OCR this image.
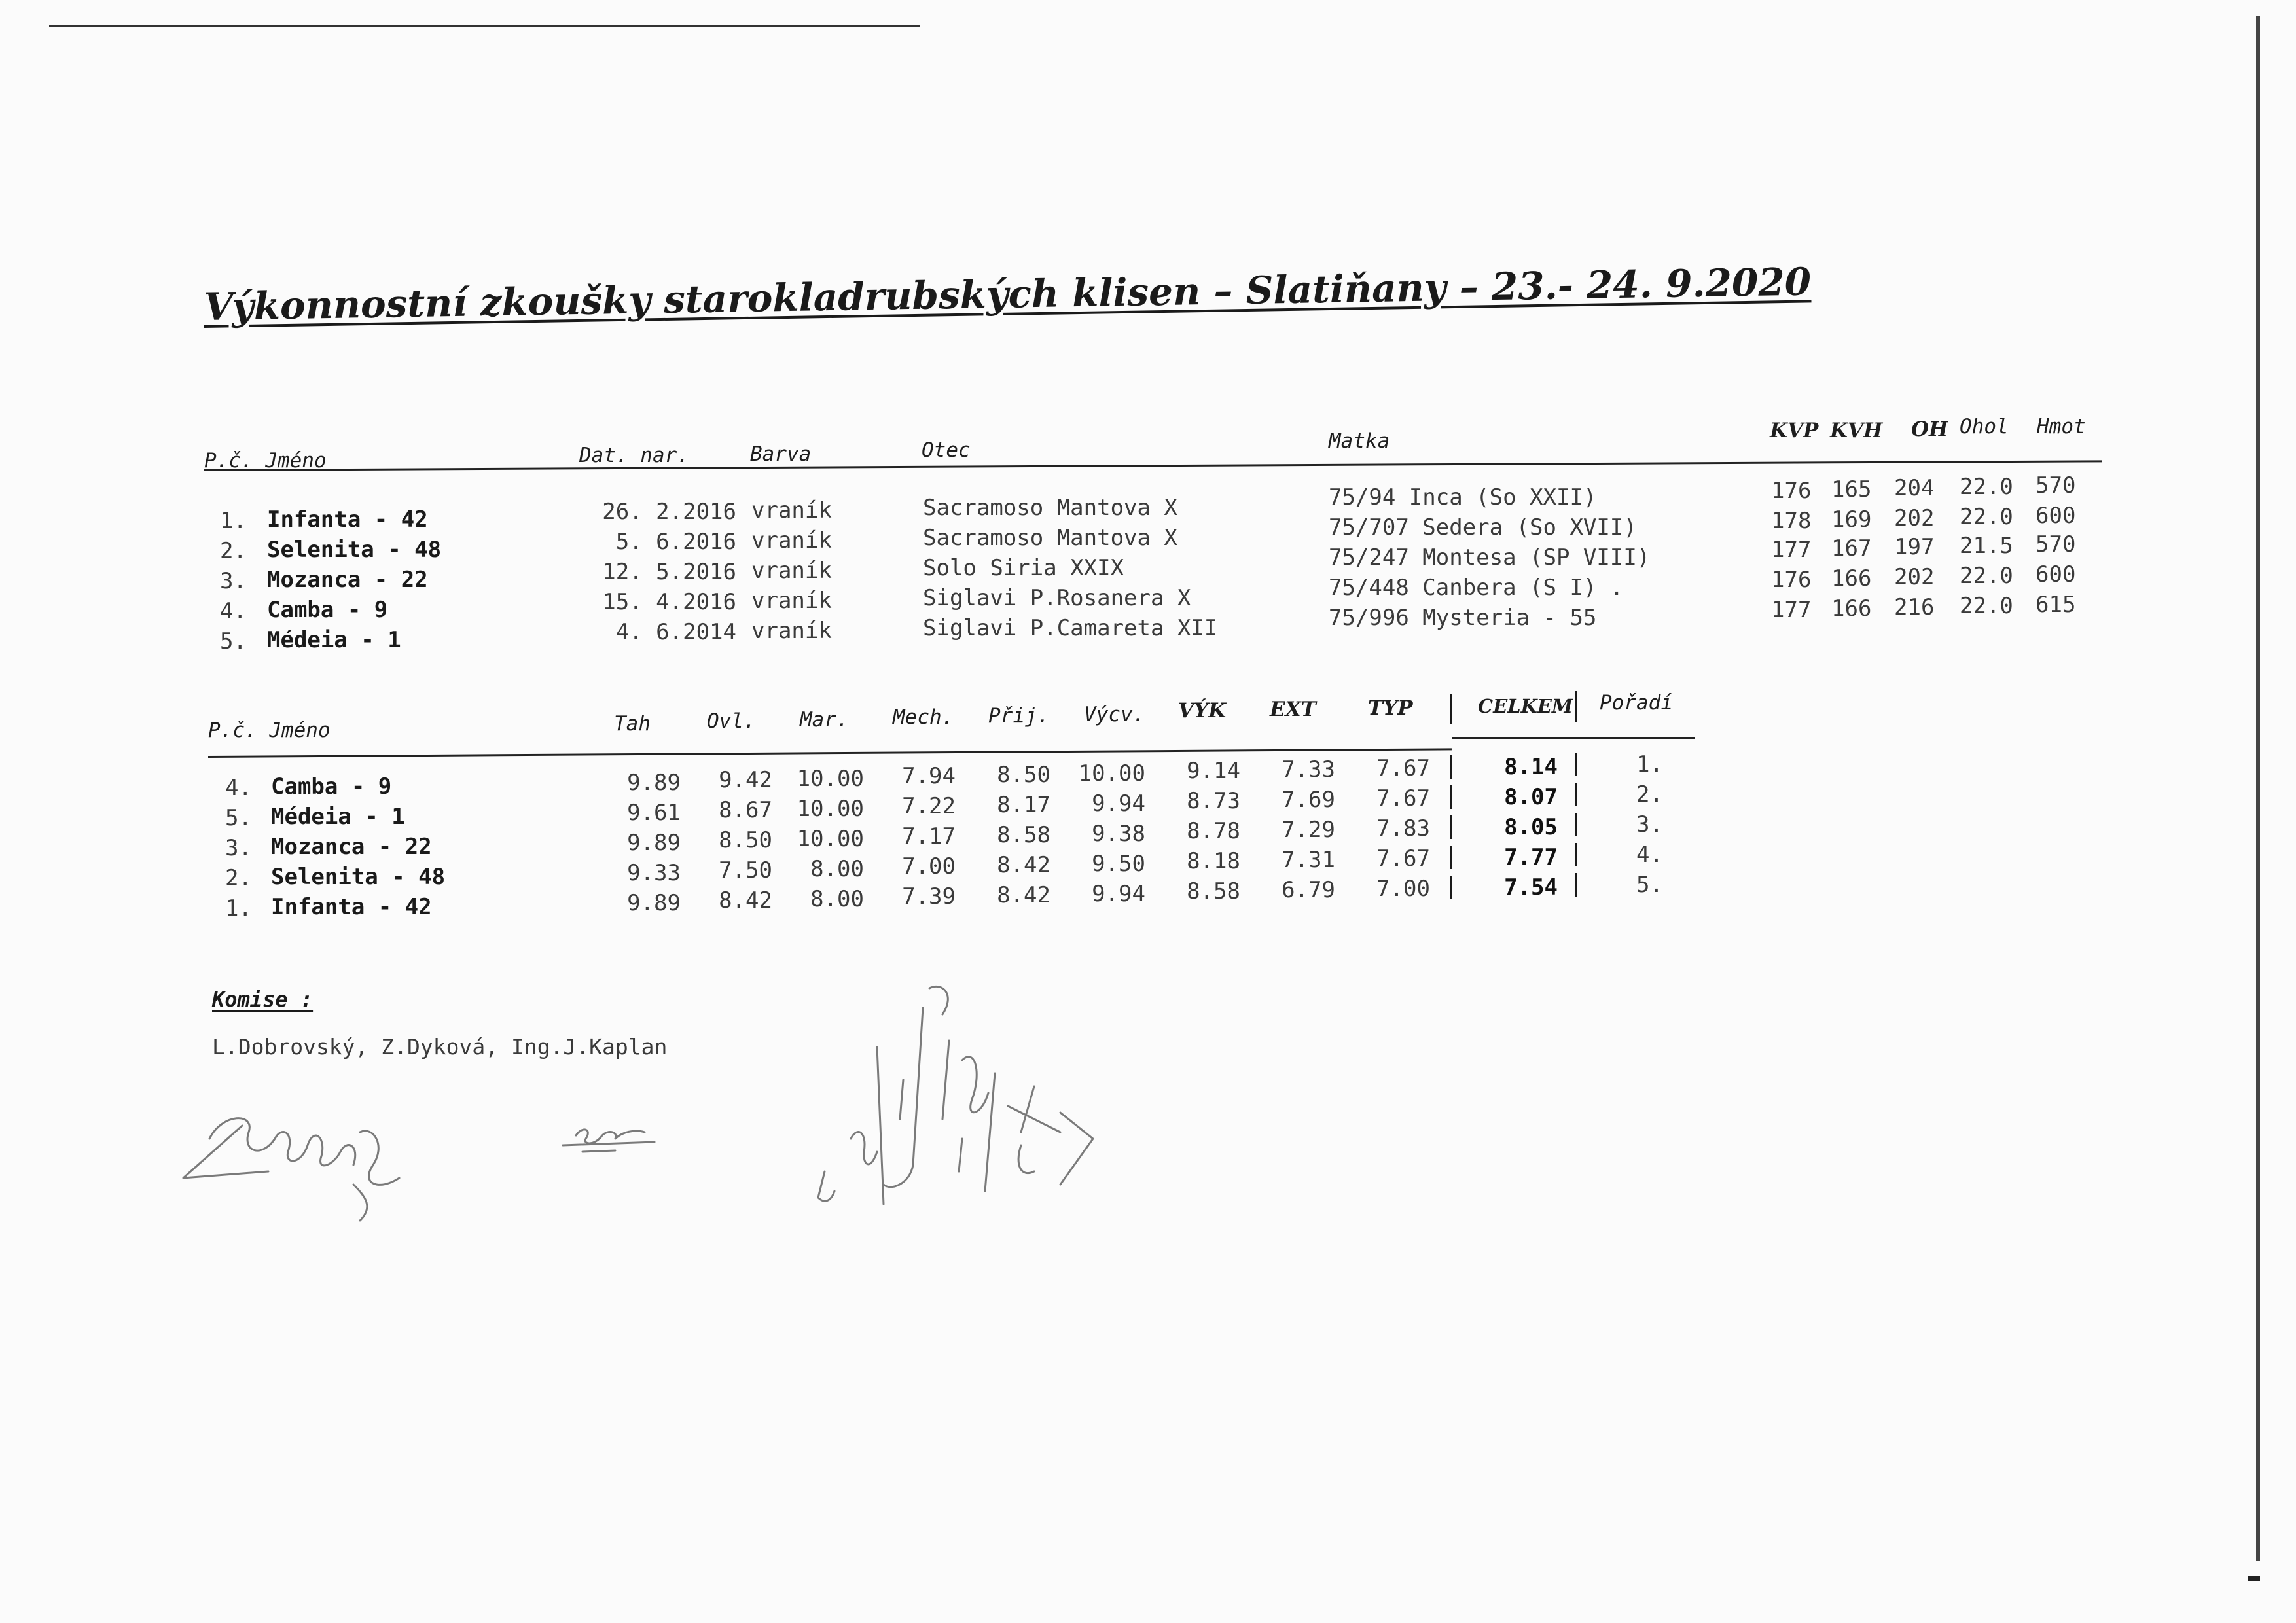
Výkonnostní zkoušky starokladrubských klisen – Slatiňany – 23.- 24. 9.2020
P.č. Jméno	Dat. nar.	Barva	Otec	Matka	KVP KVH OH Ohol Hmot
1. Infanta - 42	26. 2.2016 vraník	Sacramoso Mantova X	75/94 Inca (So XXII)	176 165 204 22.0 570
2. Selenita - 48	5. 6.2016 vraník	Sacramoso Mantova X	75/707 Sedera (So XVII)	178 169 202 22.0 600
3. Mozanca - 22	12. 5.2016 vraník	Solo Siria XXIX	75/247 Montesa (SP VIII)	177 167 197 21.5 570
4. Camba - 9	15. 4.2016 vraník	Siglavi P.Rosanera X	75/448 Canbera (S I) .	176 166 202 22.0 600
5. Médeia - 1	4. 6.2014 vraník	Siglavi P.Camareta XII	75/996 Mysteria - 55	177 166 216 22.0 615
P.č. Jméno	Tah	Ovl. Mar. Mech. Přij. Výcv. VÝK EXT	TYP	CELKEM Pořadí
4. Camba - 9	9.89	9.42	10.00	7.94	8.50	10.00	9.14	7.33	7.67	8.14	1.
5. Médeia - 1	9.61	8.67	10.00	7.22	8.17	9.94	8.73	7.69	7.67	8.07	2.
3. Mozanca - 22	9.89	8.50	10.00	7.17	8.58	9.38	8.78	7.29	7.83	8.05	3.
2. Selenita - 48	9.33	7.50	8.00	7.00	8.42	9.50	8.18	7.31	7.67	7.77	4.
1. Infanta - 42	9.89	8.42	8.00	7.39	8.42	9.94	8.58	6.79	7.00	7.54	5.
Komise :
L.Dobrovský, Z.Dyková, Ing.J.Kaplan
